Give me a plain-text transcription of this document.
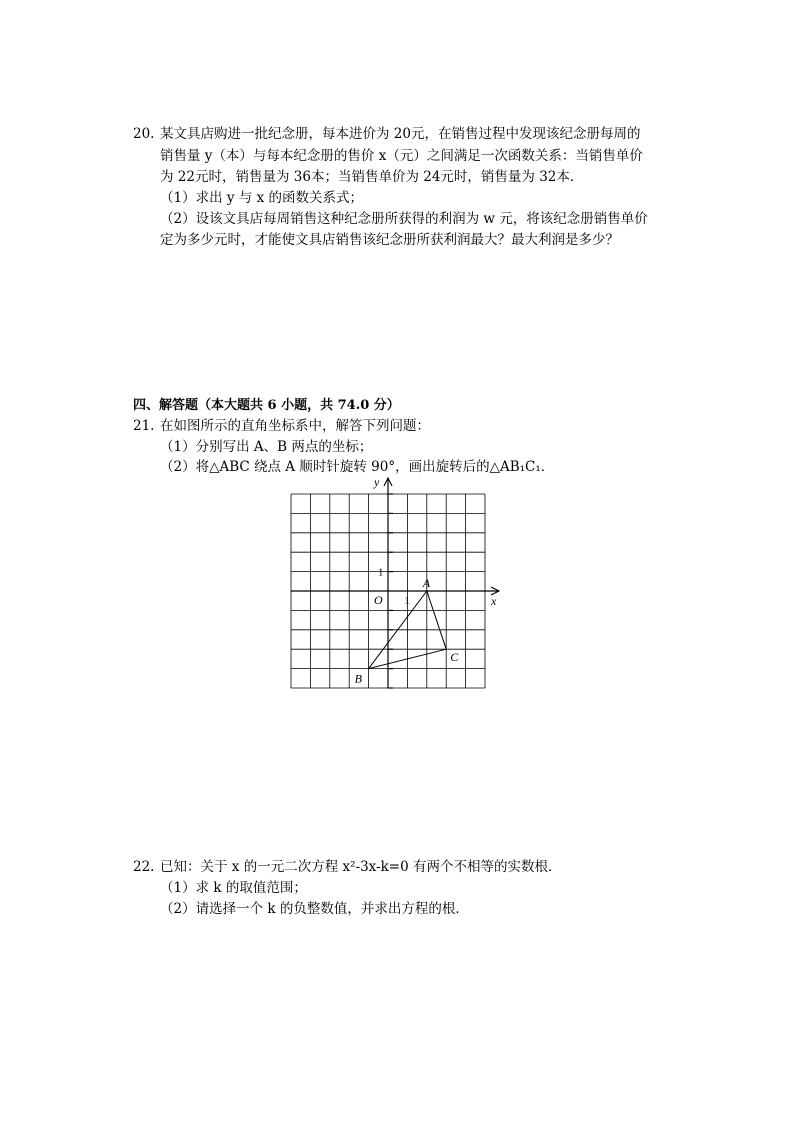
20. 某文具店购进一批纪念册，每本进价为 20元，在销售过程中发现该纪念册每周的
销售量 y（本）与每本纪念册的售价 x（元）之间满足一次函数关系：当销售单价
为 22元时，销售量为 36本；当销售单价为 24元时，销售量为 32本．
（1）求出 y 与 x 的函数关系式；
（2）设该文具店每周销售这种纪念册所获得的利润为 w 元，将该纪念册销售单价
定为多少元时，才能使文具店销售该纪念册所获利润最大？最大利润是多少？
四、解答题（本大题共 6 小题，共 74.0 分）
21. 在如图所示的直角坐标系中，解答下列问题：
（1）分别写出 A、B 两点的坐标；
（2）将△ABC 绕点 A 顺时针旋转 90°，画出旋转后的△AB₁C₁．
x
y
O 1
1
A
B
C
22. 已知：关于 x 的一元二次方程 x²-3x-k=0 有两个不相等的实数根．
（1）求 k 的取值范围；
（2）请选择一个 k 的负整数值，并求出方程的根．
